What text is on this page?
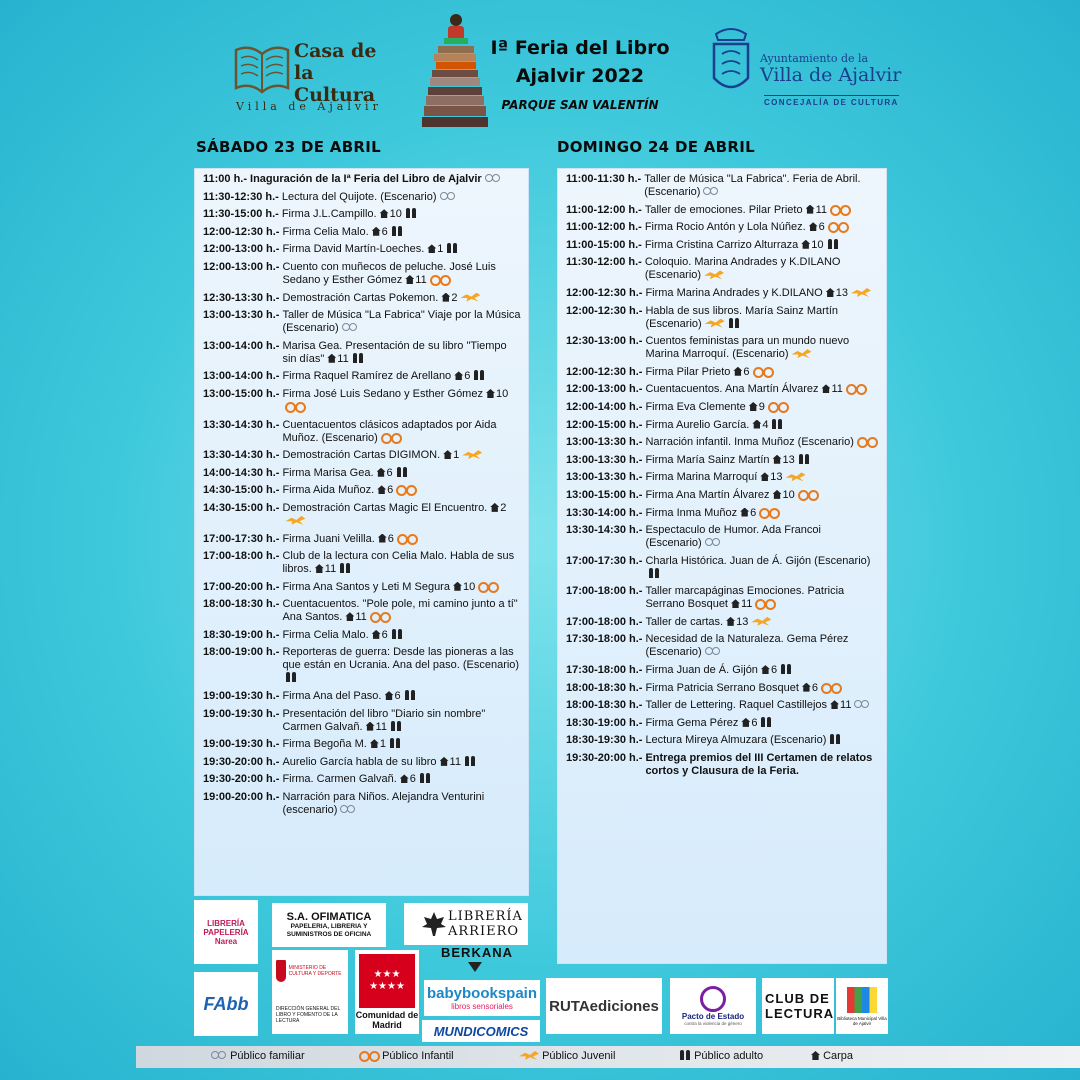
Casa de la Cultura
Villa de Ajalvir
Iª Feria del Libro
Ajalvir 2022
PARQUE SAN VALENTÍN
Ayuntamiento de la
Villa de Ajalvir
CONCEJALÍA DE CULTURA
SÁBADO 23 DE ABRIL	DOMINGO 24 DE ABRIL
11:00 h.- Inaguración de la Iª Feria del Libro de Ajalvir
11:30-12:30 h.- Lectura del Quijote. (Escenario)
11:30-15:00 h.- Firma J.L.Campillo. 10
12:00-12:30 h.- Firma Celia Malo. 6
12:00-13:00 h.- Firma David Martín-Loeches. 1
12:00-13:00 h.- Cuento con muñecos de peluche. José Luis Sedano y Esther Gómez 11
12:30-13:30 h.- Demostración Cartas Pokemon. 2
13:00-13:30 h.- Taller de Música "La Fabrica" Viaje por la Música (Escenario)
13:00-14:00 h.- Marisa Gea. Presentación de su libro "Tiempo sin días" 11
13:00-14:00 h.- Firma Raquel Ramírez de Arellano 6
13:00-15:00 h.- Firma José Luis Sedano y Esther Gómez 10
13:30-14:30 h.- Cuentacuentos clásicos adaptados por Aida Muñoz. (Escenario)
13:30-14:30 h.- Demostración Cartas DIGIMON. 1
14:00-14:30 h.- Firma Marisa Gea. 6
14:30-15:00 h.- Firma Aida Muñoz. 6
14:30-15:00 h.- Demostración Cartas Magic El Encuentro. 2
17:00-17:30 h.- Firma Juani Velilla. 6
17:00-18:00 h.- Club de la lectura con Celia Malo. Habla de sus libros. 11
17:00-20:00 h.- Firma Ana Santos y Leti M Segura 10
18:00-18:30 h.- Cuentacuentos. "Pole pole, mi camino junto a tí" Ana Santos. 11
18:30-19:00 h.- Firma Celia Malo. 6
18:00-19:00 h.- Reporteras de guerra: Desde las pioneras a las que están en Ucrania. Ana del paso. (Escenario)
19:00-19:30 h.- Firma Ana del Paso. 6
19:00-19:30 h.- Presentación del libro "Diario sin nombre" Carmen Galvañ. 11
19:00-19:30 h.- Firma Begoña M. 1
19:30-20:00 h.- Aurelio García habla de su libro 11
19:30-20:00 h.- Firma. Carmen Galvañ. 6
19:00-20:00 h.- Narración para Niños. Alejandra Venturini (escenario)
11:00-11:30 h.- Taller de Música "La Fabrica". Feria de Abril. (Escenario)
11:00-12:00 h.- Taller de emociones. Pilar Prieto 11
11:00-12:00 h.- Firma Rocio Antón y Lola Núñez. 6
11:00-15:00 h.- Firma Cristina Carrizo Alturraza 10
11:30-12:00 h.- Coloquio. Marina Andrades y K.DILANO (Escenario)
12:00-12:30 h.- Firma Marina Andrades y K.DILANO 13
12:00-12:30 h.- Habla de sus libros. María Sainz Martín (Escenario)
12:30-13:00 h.- Cuentos feministas para un mundo nuevo Marina Marroquí. (Escenario)
12:00-12:30 h.- Firma Pilar Prieto 6
12:00-13:00 h.- Cuentacuentos. Ana Martín Álvarez 11
12:00-14:00 h.- Firma Eva Clemente 9
12:00-15:00 h.- Firma Aurelio García. 4
13:00-13:30 h.- Narración infantil. Inma Muñoz (Escenario)
13:00-13:30 h.- Firma María Sainz Martín 13
13:00-13:30 h.- Firma Marina Marroquí 13
13:00-15:00 h.- Firma Ana Martín Álvarez 10
13:30-14:00 h.- Firma Inma Muñoz 6
13:30-14:30 h.- Espectaculo de Humor. Ada Francoi (Escenario)
17:00-17:30 h.- Charla Histórica. Juan de Á. Gijón (Escenario)
17:00-18:00 h.- Taller marcapáginas Emociones. Patricia Serrano Bosquet 11
17:00-18:00 h.- Taller de cartas. 13
17:30-18:00 h.- Necesidad de la Naturaleza. Gema Pérez (Escenario)
17:30-18:00 h.- Firma Juan de Á. Gijón 6
18:00-18:30 h.- Firma Patricia Serrano Bosquet 6
18:00-18:30 h.- Taller de Lettering. Raquel Castillejos 11
18:30-19:00 h.- Firma Gema Pérez 6
18:30-19:30 h.- Lectura Mireya Almuzara (Escenario)
19:30-20:00 h.- Entrega premios del III Certamen de relatos cortos y Clausura de la Feria.
LIBRERÍA PAPELERÍA Narea
S.A. OFIMATICA
PAPELERIA, LIBRERIA Y SUMINISTROS DE OFICINA
LIBRERÍA ARRIERO
BERKANA
FAbb
MINISTERIO DE CULTURA Y DEPORTE
DIRECCIÓN GENERAL DEL LIBRO Y FOMENTO DE LA LECTURA
★★★
★★★★
Comunidad de Madrid
babybookspain
libros sensoriales
MUNDICOMICS
RUTAediciones
Pacto de Estado
contra la violencia de género
CLUB DE LECTURA Biblioteca Municipal Villa de Ajalvir
Público familiar	Público Infantil	Público Juvenil	Público adulto	Carpa
